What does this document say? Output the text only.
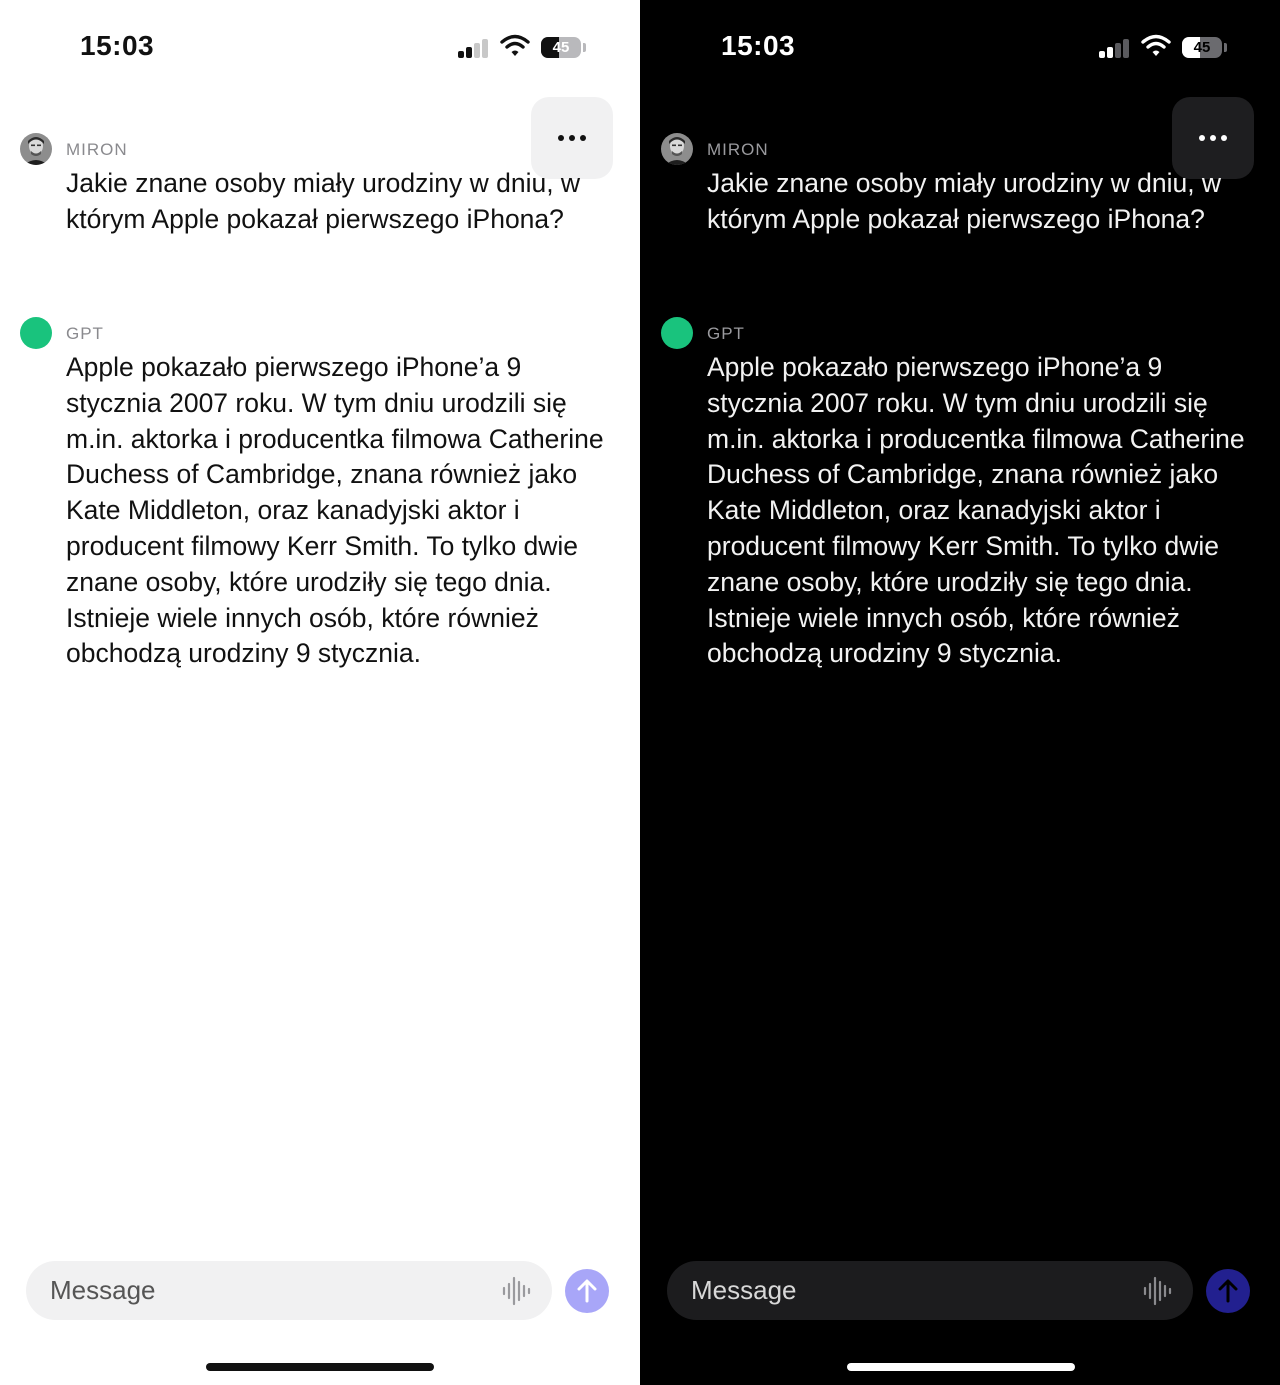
15:03	45
MIRON
Jakie znane osoby miały urodziny w dniu, w którym Apple pokazał pierwszego iPhona?
GPT
Apple pokazało pierwszego iPhone’a 9 stycznia 2007 roku. W tym dniu urodzili się m.in. aktorka i producentka filmowa Catherine Duchess of Cambridge, znana również jako Kate Middleton, oraz kanadyjski aktor i producent filmowy Kerr Smith. To tylko dwie znane osoby, które urodziły się tego dnia. Istnieje wiele innych osób, które również obchodzą urodziny 9 stycznia.
Message
15:03	45
MIRON
Jakie znane osoby miały urodziny w dniu, w którym Apple pokazał pierwszego iPhona?
GPT
Apple pokazało pierwszego iPhone’a 9 stycznia 2007 roku. W tym dniu urodzili się m.in. aktorka i producentka filmowa Catherine Duchess of Cambridge, znana również jako Kate Middleton, oraz kanadyjski aktor i producent filmowy Kerr Smith. To tylko dwie znane osoby, które urodziły się tego dnia. Istnieje wiele innych osób, które również obchodzą urodziny 9 stycznia.
Message
